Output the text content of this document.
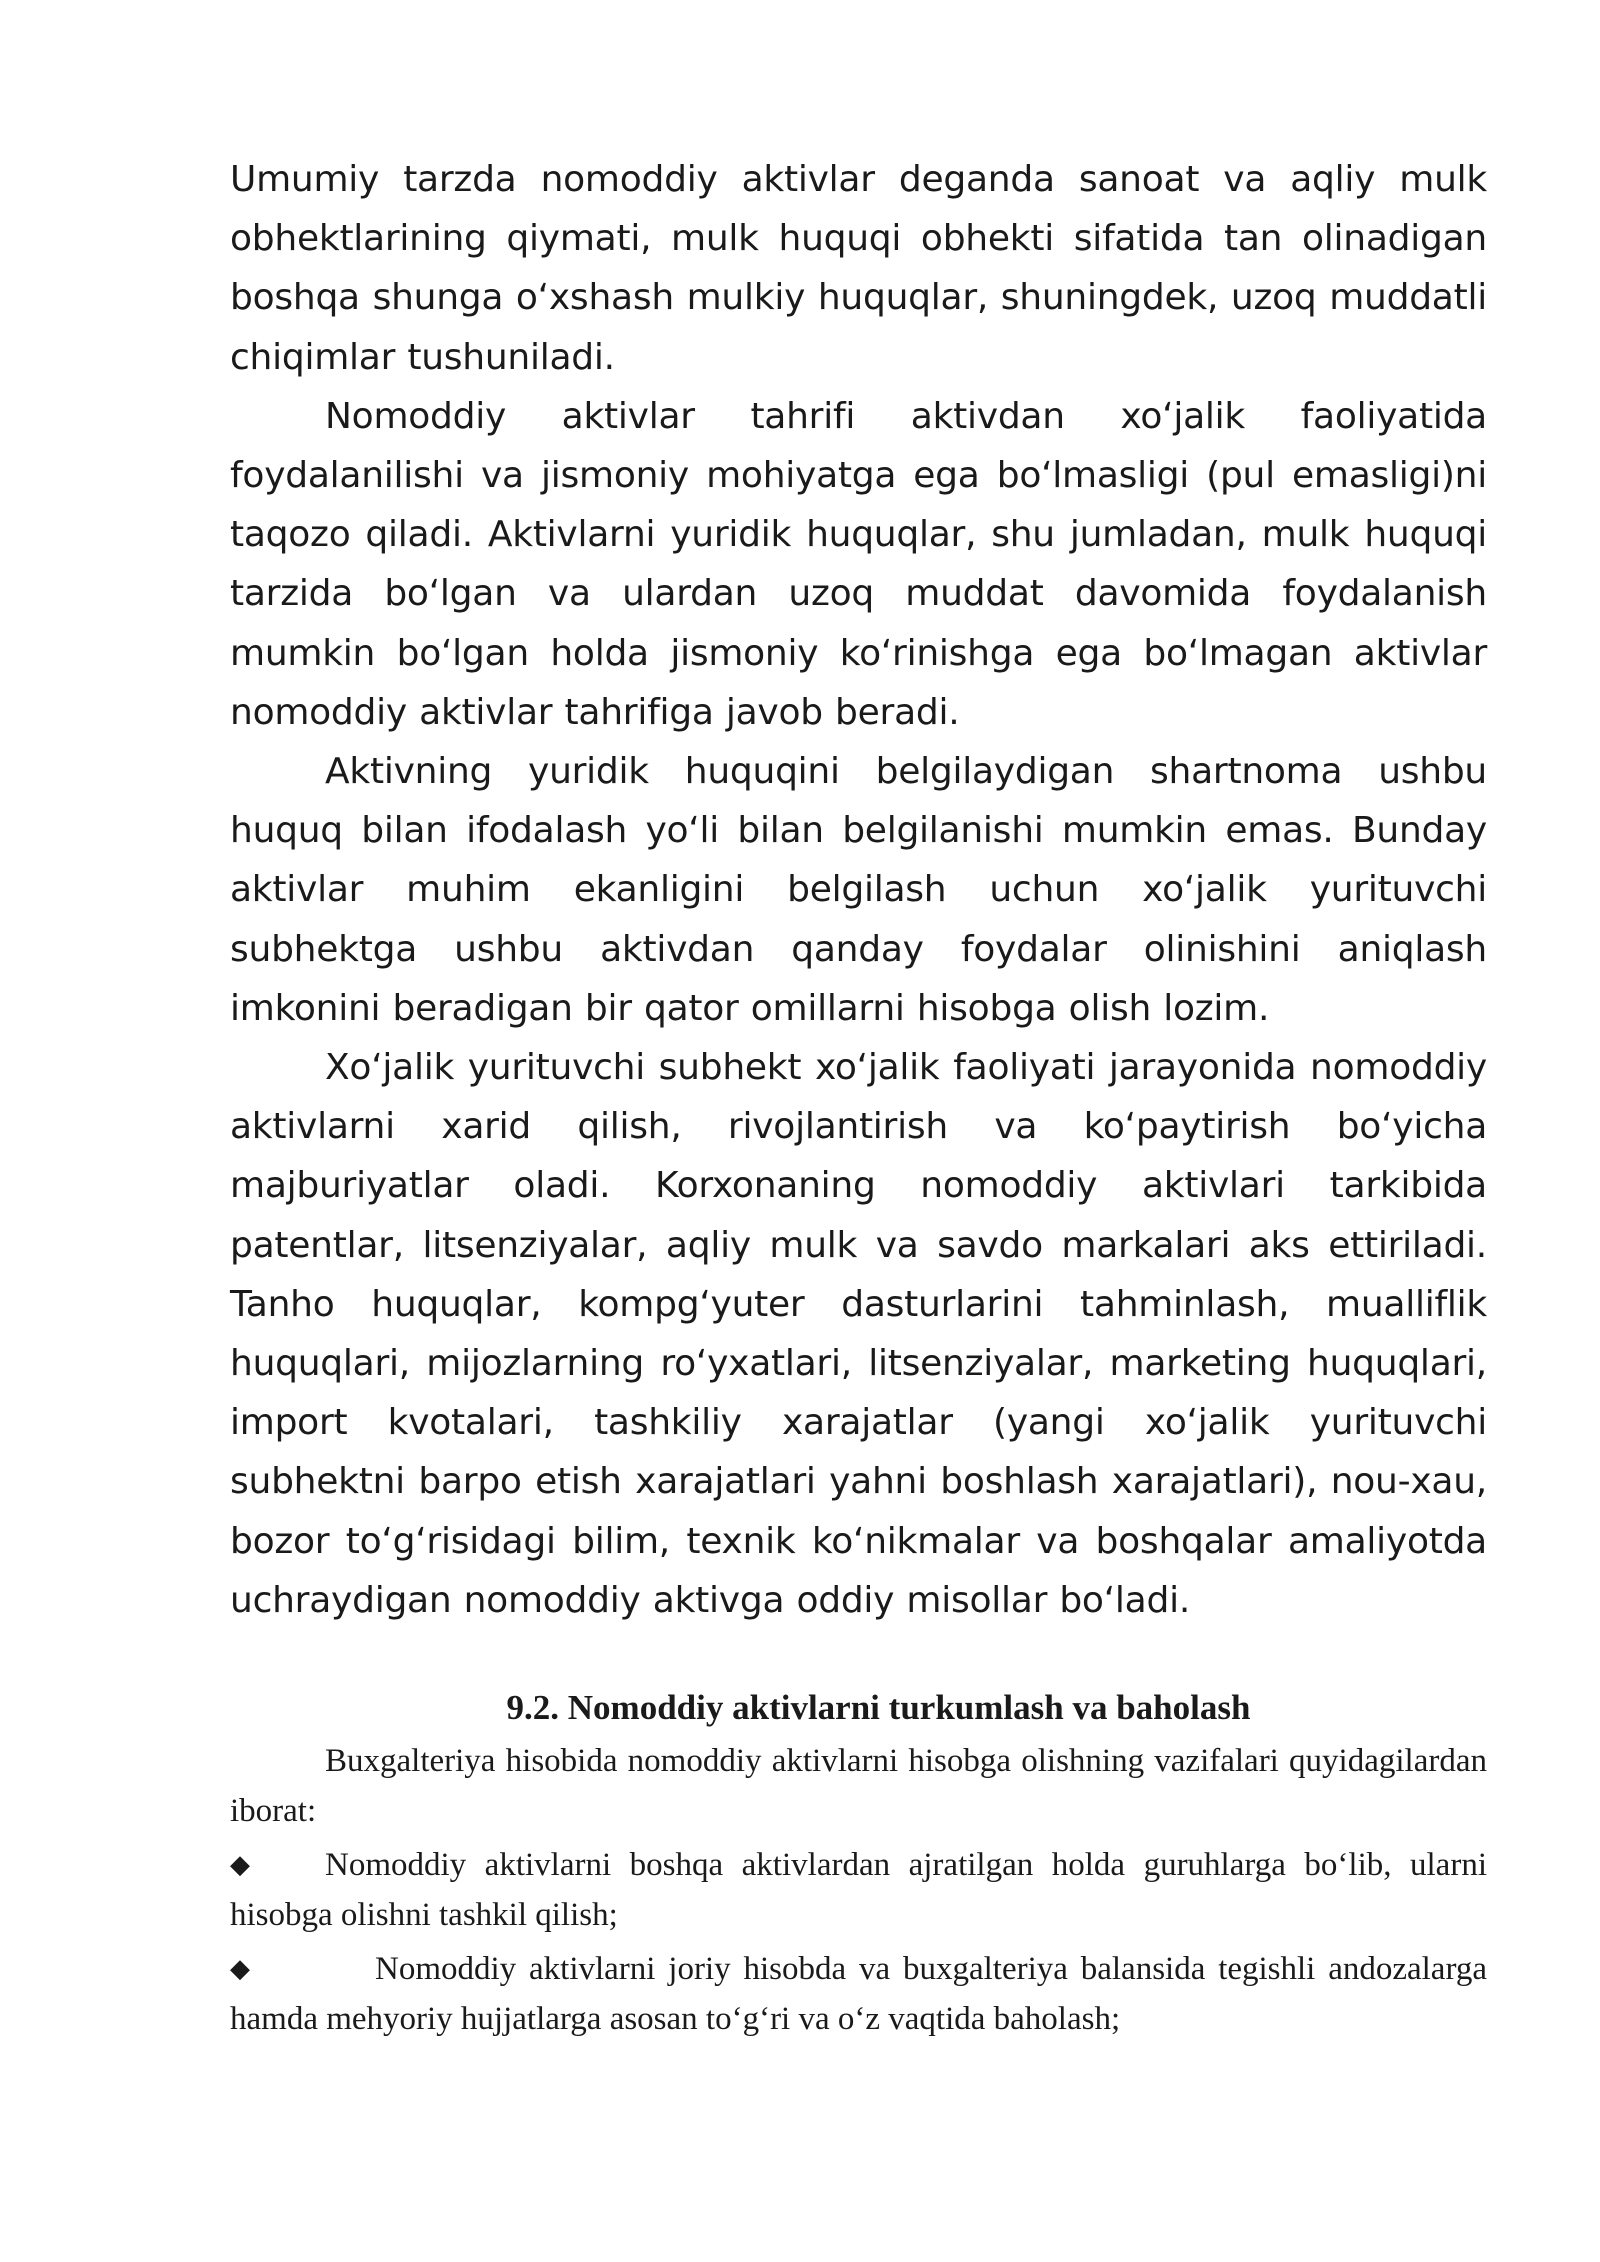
Umumiy tarzda nomoddiy aktivlar deganda sanoat va aqliy mulk obhektlarining qiymati, mulk huquqi obhekti sifatida tan olinadigan boshqa shunga o‘xshash mulkiy huquqlar, shuningdek, uzoq muddatli chiqimlar tushuniladi.

Nomoddiy aktivlar tahrifi aktivdan xo‘jalik faoliyatida foydalanilishi va jismoniy mohiyatga ega bo‘lmasligi (pul emasligi)ni taqozo qiladi. Aktivlarni yuridik huquqlar, shu jumladan, mulk huquqi tarzida bo‘lgan va ulardan uzoq muddat davomida foydalanish mumkin bo‘lgan holda jismoniy ko‘rinishga ega bo‘lmagan aktivlar nomoddiy aktivlar tahrifiga javob beradi.

Aktivning yuridik huquqini belgilaydigan shartnoma ushbu huquq bilan ifodalash yo‘li bilan belgilanishi mumkin emas. Bunday aktivlar muhim ekanligini belgilash uchun xo‘jalik yurituvchi subhektga ushbu aktivdan qanday foydalar olinishini aniqlash imkonini beradigan bir qator omillarni hisobga olish lozim.

Xo‘jalik yurituvchi subhekt xo‘jalik faoliyati jarayonida nomoddiy aktivlarni xarid qilish, rivojlantirish va ko‘paytirish bo‘yicha majburiyatlar oladi. Korxonaning nomoddiy aktivlari tarkibida patentlar, litsenziyalar, aqliy mulk va savdo markalari aks ettiriladi. Tanho huquqlar, kompg‘yuter dasturlarini tahminlash, mualliflik huquqlari, mijozlarning ro‘yxatlari, litsenziyalar, marketing huquqlari, import kvotalari, tashkiliy xarajatlar (yangi xo‘jalik yurituvchi subhektni barpo etish xarajatlari yahni boshlash xarajatlari), nou-xau, bozor to‘g‘risidagi bilim, texnik ko‘nikmalar va boshqalar amaliyotda uchraydigan nomoddiy aktivga oddiy misollar bo‘ladi.

9.2. Nomoddiy aktivlarni turkumlash va baholash

Buxgalteriya hisobida nomoddiy aktivlarni hisobga olishning vazifalari quyidagilardan iborat:

◆	Nomoddiy aktivlarni boshqa aktivlardan ajratilgan holda guruhlarga bo‘lib, ularni hisobga olishni tashkil qilish;
◆	Nomoddiy aktivlarni joriy hisobda va buxgalteriya balansida tegishli andozalarga hamda mehyoriy hujjatlarga asosan to‘g‘ri va o‘z vaqtida baholash;
